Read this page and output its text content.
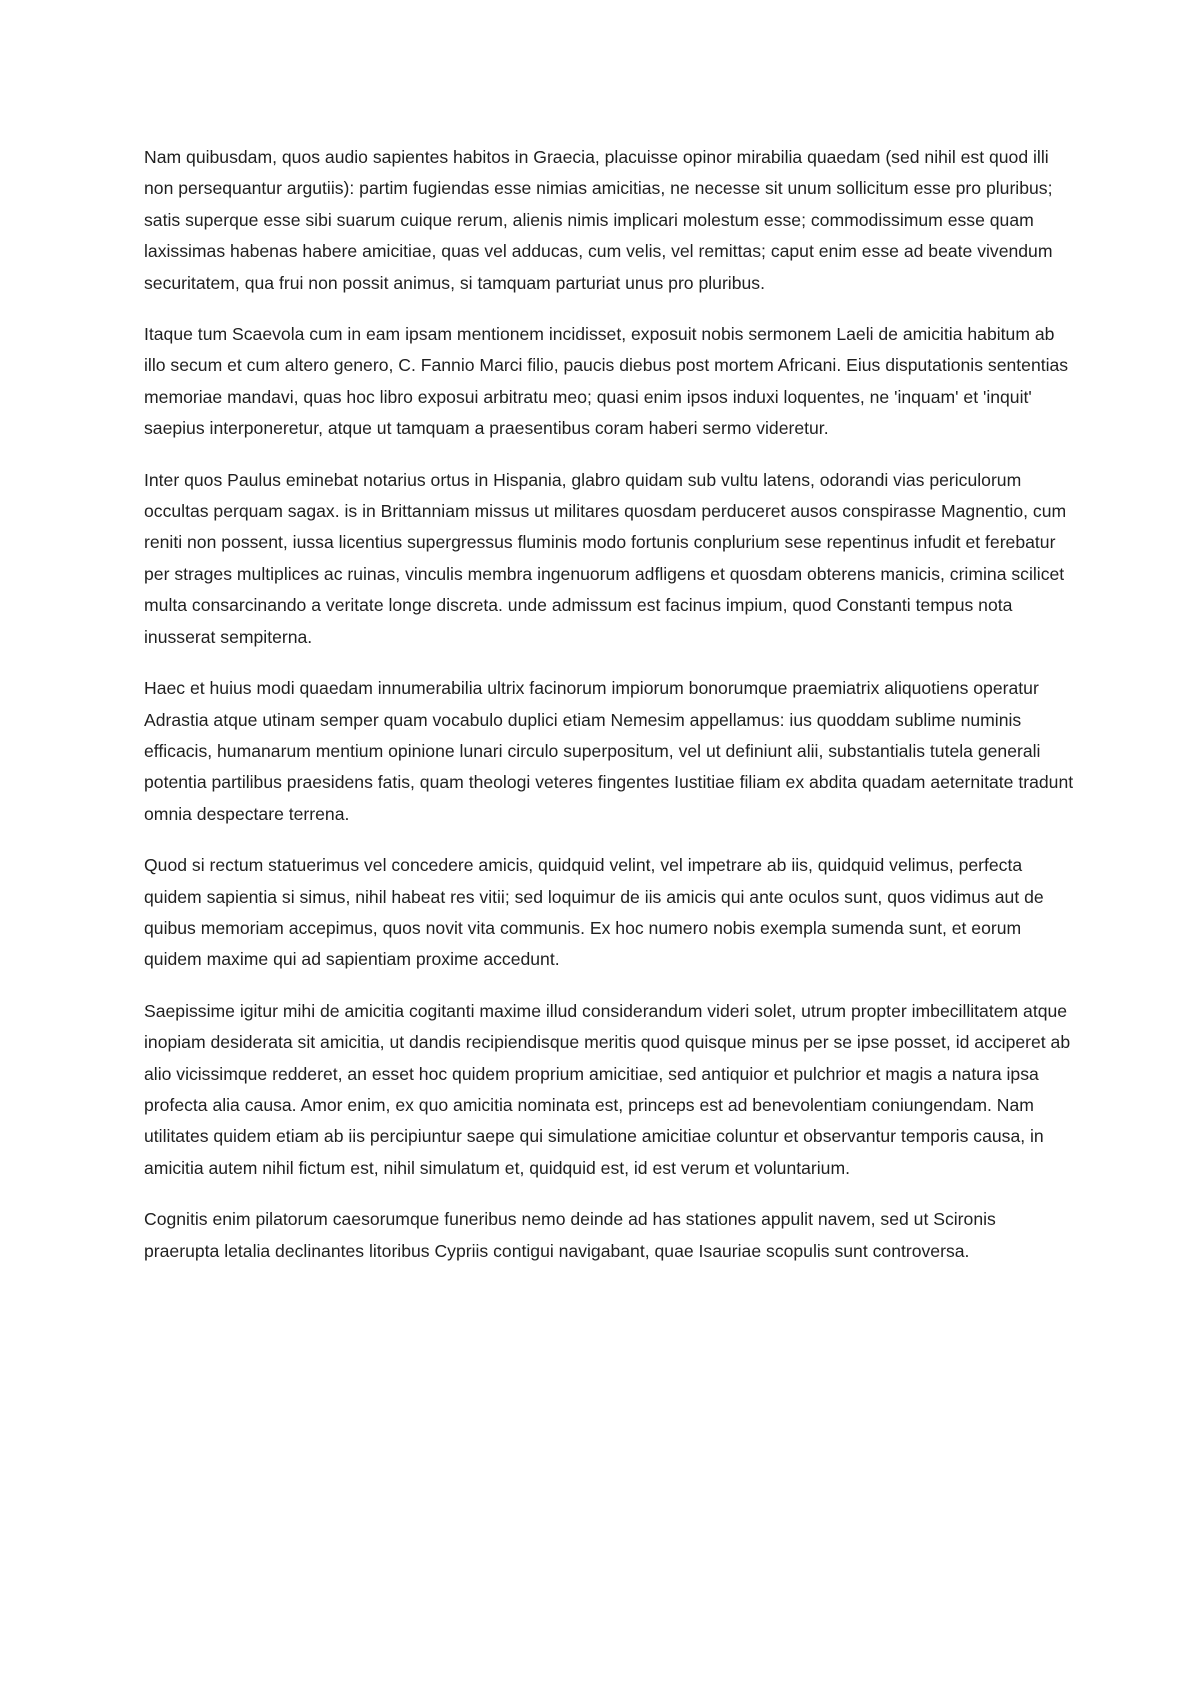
Nam quibusdam, quos audio sapientes habitos in Graecia, placuisse opinor mirabilia quaedam (sed nihil est quod illi non persequantur argutiis): partim fugiendas esse nimias amicitias, ne necesse sit unum sollicitum esse pro pluribus; satis superque esse sibi suarum cuique rerum, alienis nimis implicari molestum esse; commodissimum esse quam laxissimas habenas habere amicitiae, quas vel adducas, cum velis, vel remittas; caput enim esse ad beate vivendum securitatem, qua frui non possit animus, si tamquam parturiat unus pro pluribus.

Itaque tum Scaevola cum in eam ipsam mentionem incidisset, exposuit nobis sermonem Laeli de amicitia habitum ab illo secum et cum altero genero, C. Fannio Marci filio, paucis diebus post mortem Africani. Eius disputationis sententias memoriae mandavi, quas hoc libro exposui arbitratu meo; quasi enim ipsos induxi loquentes, ne 'inquam' et 'inquit' saepius interponeretur, atque ut tamquam a praesentibus coram haberi sermo videretur.

Inter quos Paulus eminebat notarius ortus in Hispania, glabro quidam sub vultu latens, odorandi vias periculorum occultas perquam sagax. is in Brittanniam missus ut militares quosdam perduceret ausos conspirasse Magnentio, cum reniti non possent, iussa licentius supergressus fluminis modo fortunis conplurium sese repentinus infudit et ferebatur per strages multiplices ac ruinas, vinculis membra ingenuorum adfligens et quosdam obterens manicis, crimina scilicet multa consarcinando a veritate longe discreta. unde admissum est facinus impium, quod Constanti tempus nota inusserat sempiterna.

Haec et huius modi quaedam innumerabilia ultrix facinorum impiorum bonorumque praemiatrix aliquotiens operatur Adrastia atque utinam semper quam vocabulo duplici etiam Nemesim appellamus: ius quoddam sublime numinis efficacis, humanarum mentium opinione lunari circulo superpositum, vel ut definiunt alii, substantialis tutela generali potentia partilibus praesidens fatis, quam theologi veteres fingentes Iustitiae filiam ex abdita quadam aeternitate tradunt omnia despectare terrena.

Quod si rectum statuerimus vel concedere amicis, quidquid velint, vel impetrare ab iis, quidquid velimus, perfecta quidem sapientia si simus, nihil habeat res vitii; sed loquimur de iis amicis qui ante oculos sunt, quos vidimus aut de quibus memoriam accepimus, quos novit vita communis. Ex hoc numero nobis exempla sumenda sunt, et eorum quidem maxime qui ad sapientiam proxime accedunt.

Saepissime igitur mihi de amicitia cogitanti maxime illud considerandum videri solet, utrum propter imbecillitatem atque inopiam desiderata sit amicitia, ut dandis recipiendisque meritis quod quisque minus per se ipse posset, id acciperet ab alio vicissimque redderet, an esset hoc quidem proprium amicitiae, sed antiquior et pulchrior et magis a natura ipsa profecta alia causa. Amor enim, ex quo amicitia nominata est, princeps est ad benevolentiam coniungendam. Nam utilitates quidem etiam ab iis percipiuntur saepe qui simulatione amicitiae coluntur et observantur temporis causa, in amicitia autem nihil fictum est, nihil simulatum et, quidquid est, id est verum et voluntarium.

Cognitis enim pilatorum caesorumque funeribus nemo deinde ad has stationes appulit navem, sed ut Scironis praerupta letalia declinantes litoribus Cypriis contigui navigabant, quae Isauriae scopulis sunt controversa.
